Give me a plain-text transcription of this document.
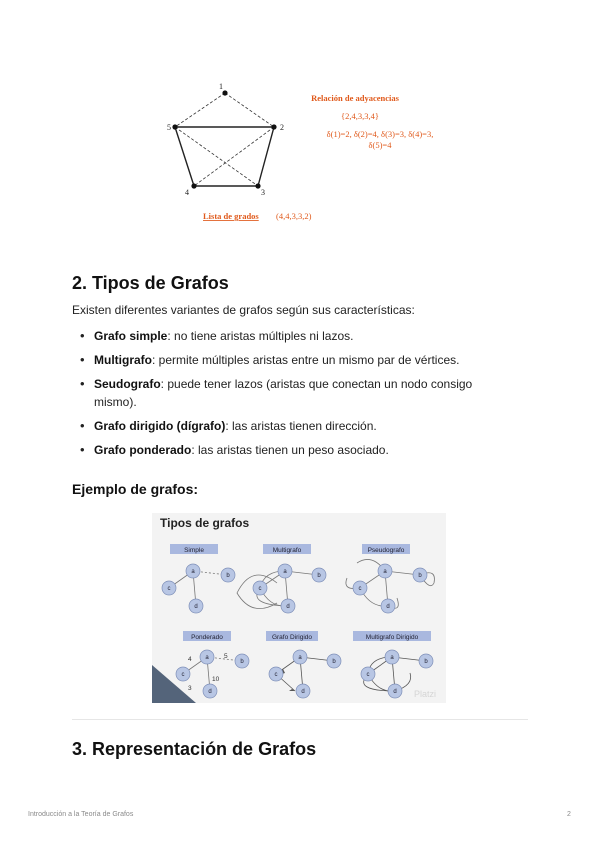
1
2
3
4
5
Relación de adyacencias
{2,4,3,3,4}
δ(1)=2, δ(2)=4, δ(3)=3, δ(4)=3,
δ(5)=4
Lista de grados (4,4,3,3,2)
2. Tipos de Grafos
Existen diferentes variantes de grafos según sus características:
• Grafo simple: no tiene aristas múltiples ni lazos.
• Multigrafo: permite múltiples aristas entre un mismo par de vértices.
• Seudografo: puede tener lazos (aristas que conectan un nodo consigo mismo).
• Grafo dirigido (dígrafo): las aristas tienen dirección.
• Grafo ponderado: las aristas tienen un peso asociado.
Ejemplo de grafos:
Tipos de grafos
Simple	Multigrafo	Pseudografo
Ponderado	Grafo Dirigido	Multigrafo Dirigido
4	5
3
10
a
b
c
d
a
b
c
d
a
b
c
d
a
b
c
d
a
b
c
d
a
b
c
d Platzi
3. Representación de Grafos
Introducción a la Teoría de Grafos	2
